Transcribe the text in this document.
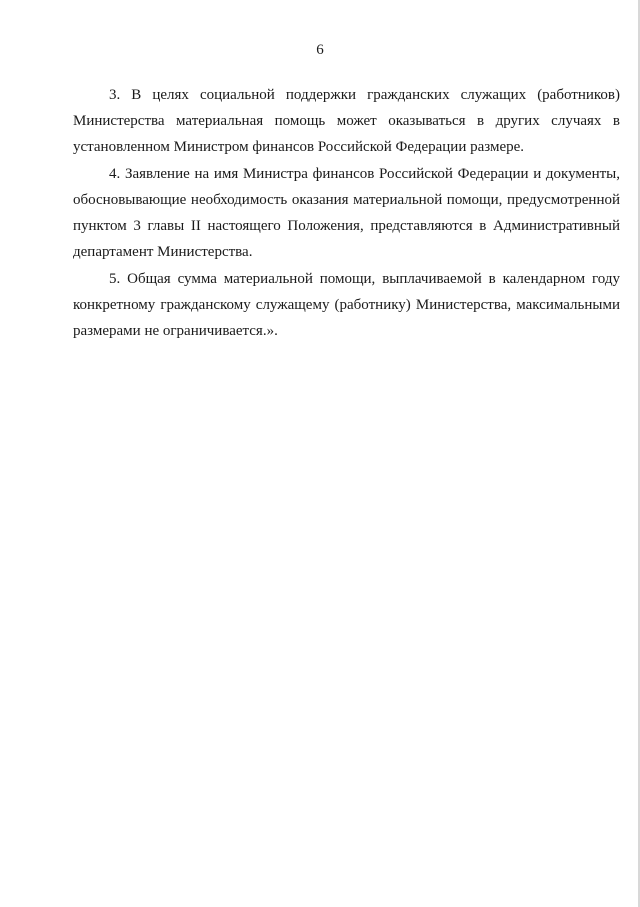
6

3. В целях социальной поддержки гражданских служащих (работников) Министерства материальная помощь может оказываться в других случаях в установленном Министром финансов Российской Федерации размере.

4. Заявление на имя Министра финансов Российской Федерации и документы, обосновывающие необходимость оказания материальной помощи, предусмотренной пунктом 3 главы II настоящего Положения, представляются в Административный департамент Министерства.

5. Общая сумма материальной помощи, выплачиваемой в календарном году конкретному гражданскому служащему (работнику) Министерства, максимальными размерами не ограничивается.».
